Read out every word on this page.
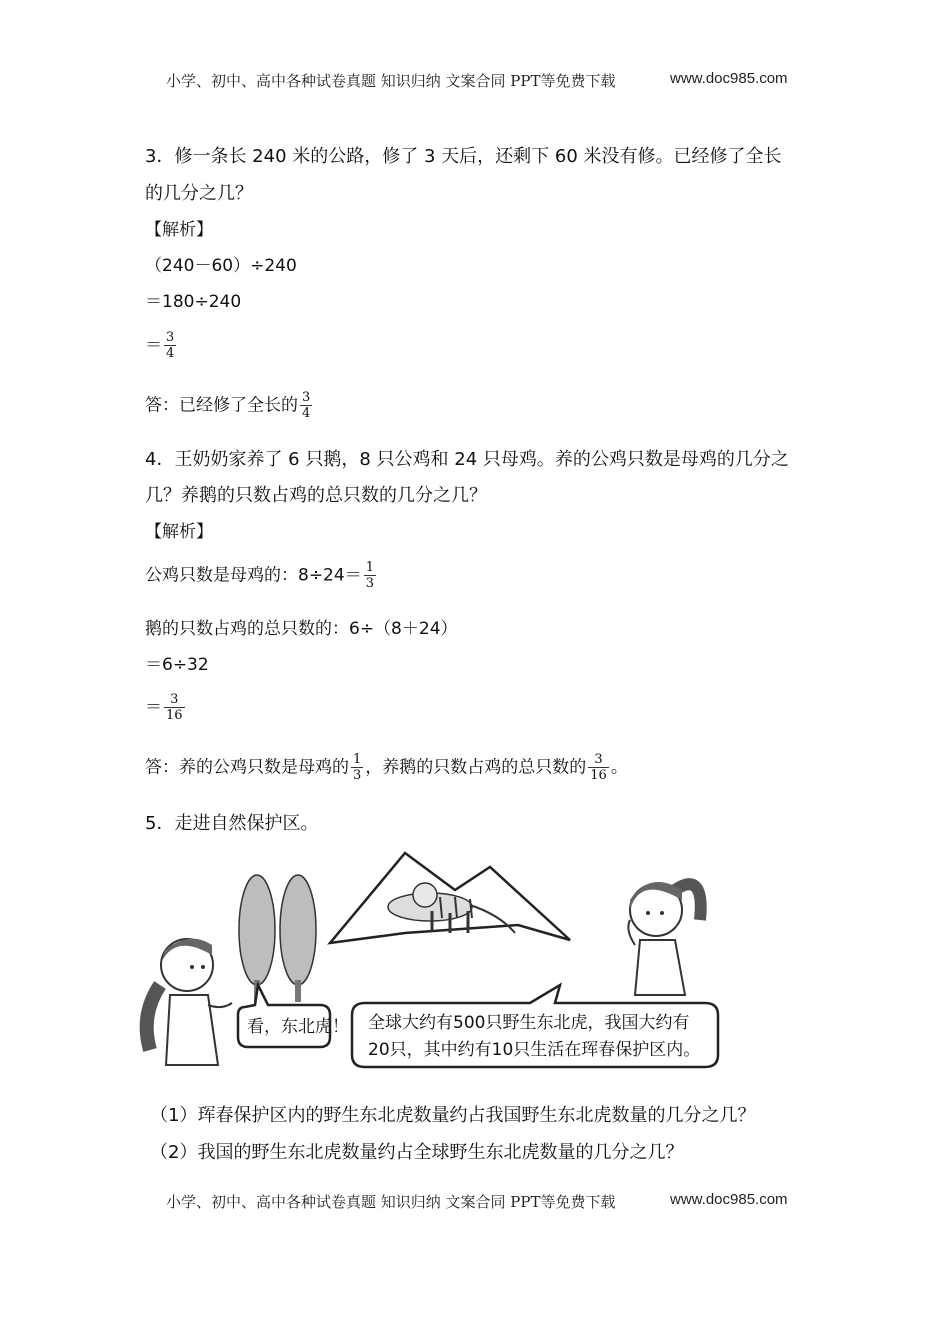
小学、初中、高中各种试卷真题 知识归纳 文案合同 PPT等免费下载	www.doc985.com
3．修一条长 240 米的公路，修了 3 天后，还剩下 60 米没有修。已经修了全长
的几分之几？
【解析】
（240－60）÷240
＝180÷240
＝ $\frac{3}{4}$
答：已经修了全长的 $\frac{3}{4}$
4．王奶奶家养了 6 只鹅，8 只公鸡和 24 只母鸡。养的公鸡只数是母鸡的几分之
几？养鹅的只数占鸡的总只数的几分之几？
【解析】
公鸡只数是母鸡的：$8\div 24= \frac{1}{3}$
鹅的只数占鸡的总只数的：6÷（8＋24）
＝6÷32
＝ $\frac{3}{16}$
答：养的公鸡只数是母鸡的 $\frac{1}{3}$ ，养鹅的只数占鸡的总只数的 $\frac{3}{16}$ 。
5．走进自然保护区。
看，东北虎！ 全球大约有500只野生东北虎，我国大约有
20只，其中约有10只生活在珲春保护区内。
（1）珲春保护区内的野生东北虎数量约占我国野生东北虎数量的几分之几？
（2）我国的野生东北虎数量约占全球野生东北虎数量的几分之几？
小学、初中、高中各种试卷真题 知识归纳 文案合同 PPT等免费下载	www.doc985.com
